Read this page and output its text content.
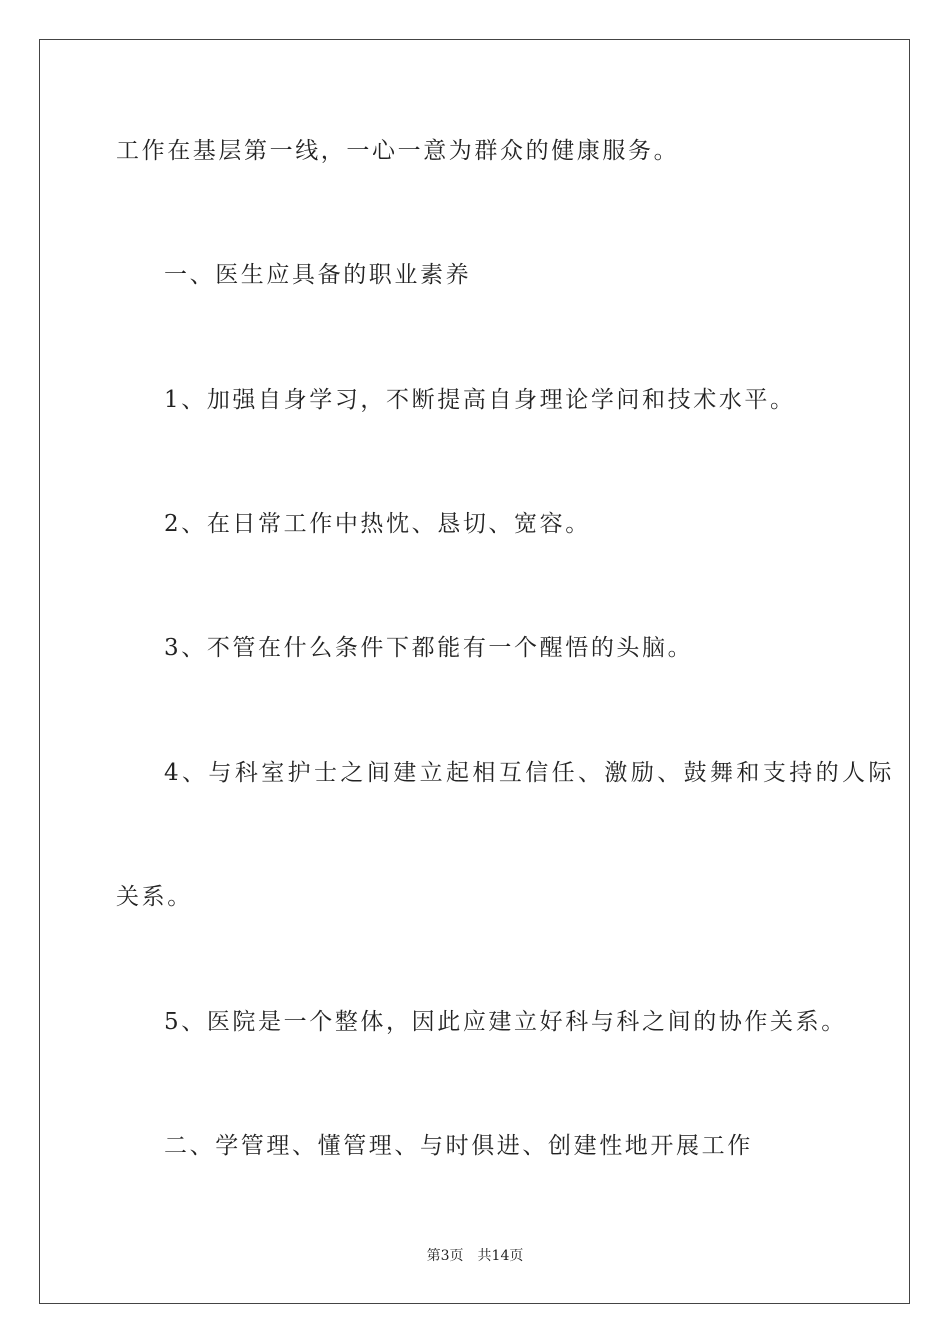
工作在基层第一线，一心一意为群众的健康服务。
一、医生应具备的职业素养
1、加强自身学习，不断提高自身理论学问和技术水平。
2、在日常工作中热忱、恳切、宽容。
3、不管在什么条件下都能有一个醒悟的头脑。
4、与科室护士之间建立起相互信任、激励、鼓舞和支持的人际
关系。
5、医院是一个整体，因此应建立好科与科之间的协作关系。
二、学管理、懂管理、与时俱进、创建性地开展工作
第3页 共14页
